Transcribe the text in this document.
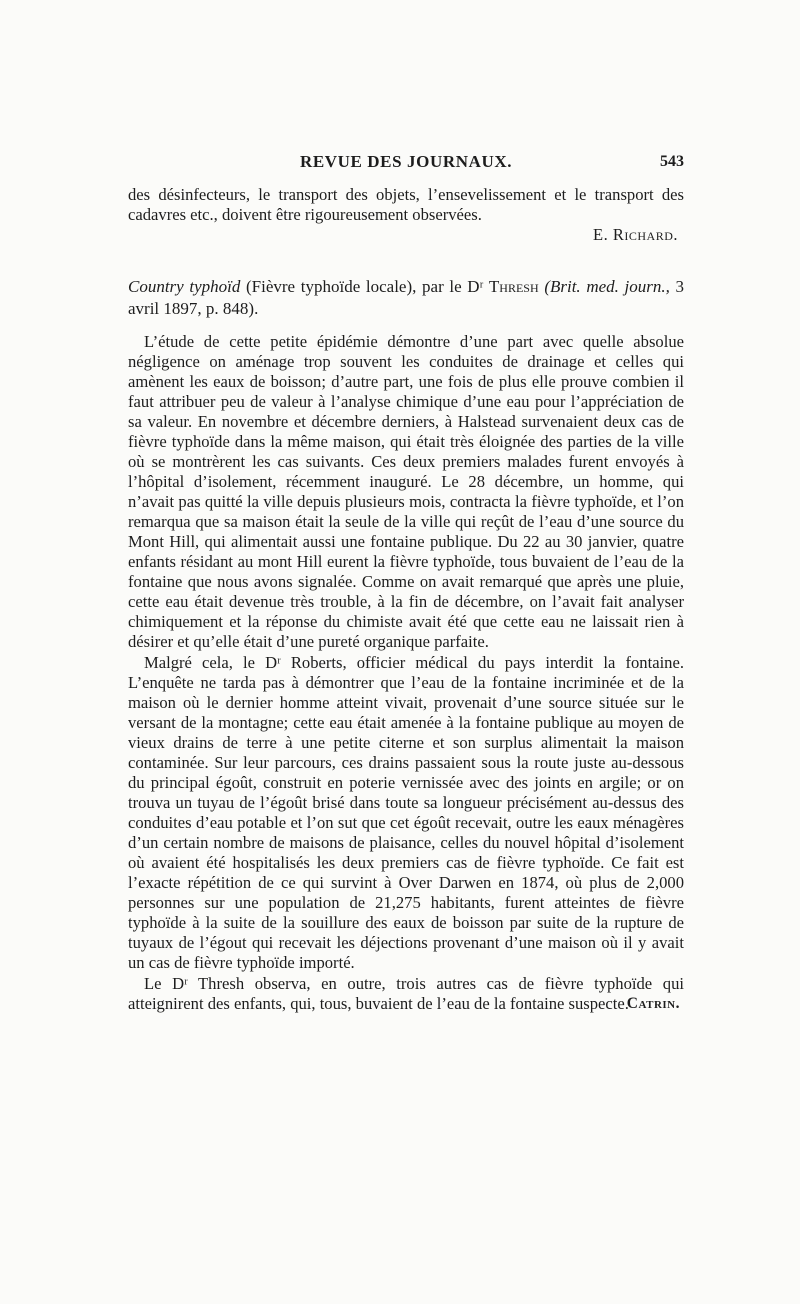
REVUE DES JOURNAUX.	543

des désinfecteurs, le transport des objets, l’ensevelissement et le transport des cadavres etc., doivent être rigoureusement observées.

E. Richard.

Country typhoïd (Fièvre typhoïde locale), par le Dʳ Thresh (Brit. med. journ., 3 avril 1897, p. 848).

L’étude de cette petite épidémie démontre d’une part avec quelle absolue négligence on aménage trop souvent les conduites de drainage et celles qui amènent les eaux de boisson; d’autre part, une fois de plus elle prouve combien il faut attribuer peu de valeur à l’analyse chimique d’une eau pour l’appréciation de sa valeur. En novembre et décembre derniers, à Halstead survenaient deux cas de fièvre typhoïde dans la même maison, qui était très éloignée des parties de la ville où se montrèrent les cas suivants. Ces deux premiers malades furent envoyés à l’hôpital d’isolement, récemment inauguré. Le 28 décembre, un homme, qui n’avait pas quitté la ville depuis plusieurs mois, contracta la fièvre typhoïde, et l’on remarqua que sa maison était la seule de la ville qui reçût de l’eau d’une source du Mont Hill, qui alimentait aussi une fontaine publique. Du 22 au 30 janvier, quatre enfants résidant au mont Hill eurent la fièvre typhoïde, tous buvaient de l’eau de la fontaine que nous avons signalée. Comme on avait remarqué que après une pluie, cette eau était devenue très trouble, à la fin de décembre, on l’avait fait analyser chimiquement et la réponse du chimiste avait été que cette eau ne laissait rien à désirer et qu’elle était d’une pureté organique parfaite.

Malgré cela, le Dʳ Roberts, officier médical du pays interdit la fontaine. L’enquête ne tarda pas à démontrer que l’eau de la fontaine incriminée et de la maison où le dernier homme atteint vivait, provenait d’une source située sur le versant de la montagne; cette eau était amenée à la fontaine publique au moyen de vieux drains de terre à une petite citerne et son surplus alimentait la maison contaminée. Sur leur parcours, ces drains passaient sous la route juste au-dessous du principal égoût, construit en poterie vernissée avec des joints en argile; or on trouva un tuyau de l’égoût brisé dans toute sa longueur précisément au-dessus des conduites d’eau potable et l’on sut que cet égoût recevait, outre les eaux ménagères d’un certain nombre de maisons de plaisance, celles du nouvel hôpital d’isolement où avaient été hospitalisés les deux premiers cas de fièvre typhoïde. Ce fait est l’exacte répétition de ce qui survint à Over Darwen en 1874, où plus de 2,000 personnes sur une population de 21,275 habitants, furent atteintes de fièvre typhoïde à la suite de la souillure des eaux de boisson par suite de la rupture de tuyaux de l’égout qui recevait les déjections provenant d’une maison où il y avait un cas de fièvre typhoïde importé.

Le Dʳ Thresh observa, en outre, trois autres cas de fièvre typhoïde qui atteignirent des enfants, qui, tous, buvaient de l’eau de la fontaine suspecte.

Catrin.
